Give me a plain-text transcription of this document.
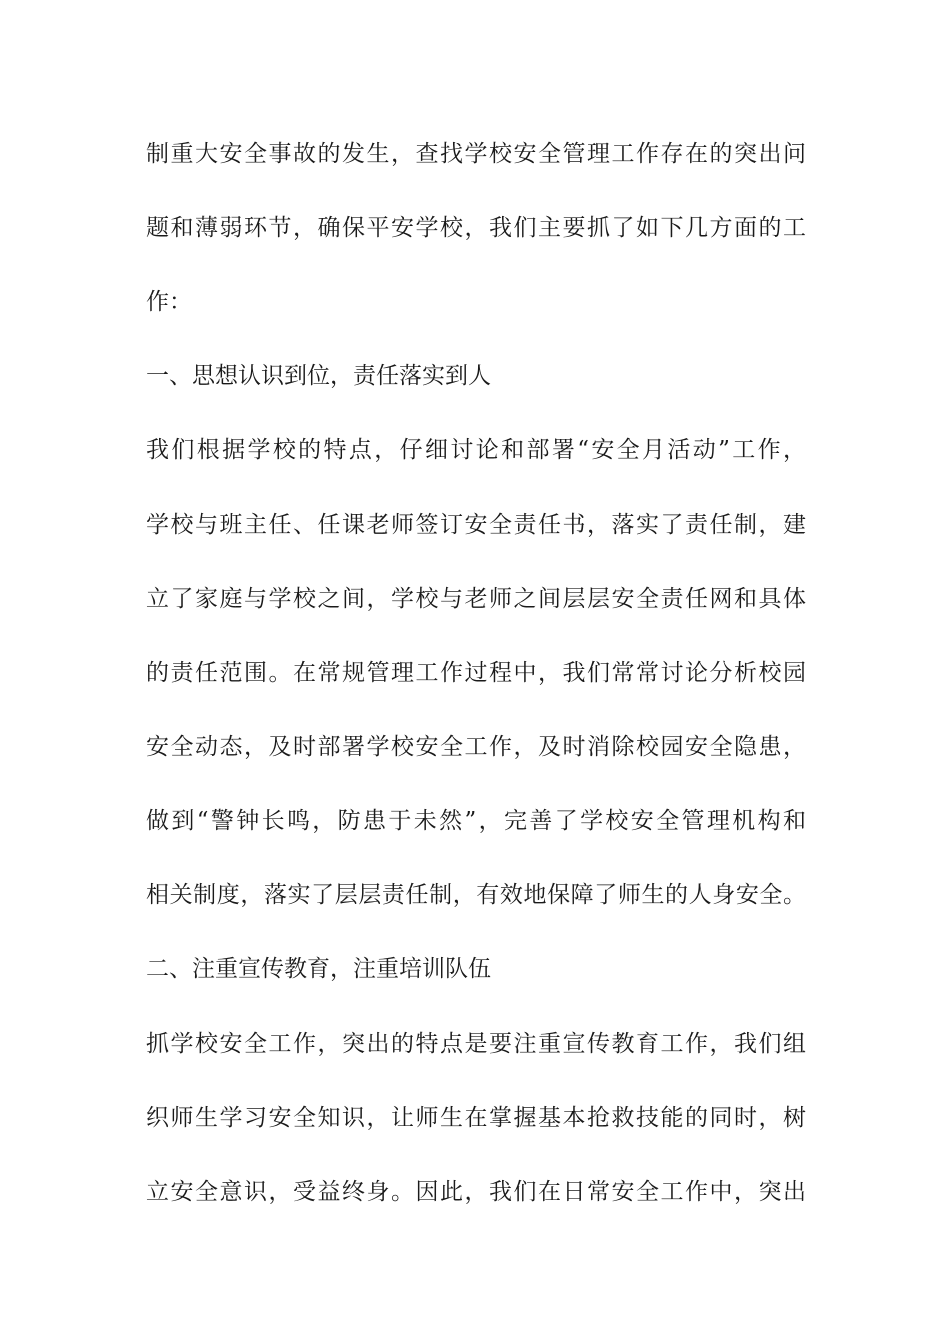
制重大安全事故的发生，查找学校安全管理工作存在的突出问
题和薄弱环节，确保平安学校，我们主要抓了如下几方面的工
作：
一、思想认识到位，责任落实到人
我们根据学校的特点，仔细讨论和部署“安全月活动”工作，
学校与班主任、任课老师签订安全责任书，落实了责任制，建
立了家庭与学校之间，学校与老师之间层层安全责任网和具体
的责任范围。在常规管理工作过程中，我们常常讨论分析校园
安全动态，及时部署学校安全工作，及时消除校园安全隐患，
做到“警钟长鸣，防患于未然”，完善了学校安全管理机构和
相关制度，落实了层层责任制，有效地保障了师生的人身安全。
二、注重宣传教育，注重培训队伍
抓学校安全工作，突出的特点是要注重宣传教育工作，我们组
织师生学习安全知识，让师生在掌握基本抢救技能的同时，树
立安全意识，受益终身。因此，我们在日常安全工作中，突出
